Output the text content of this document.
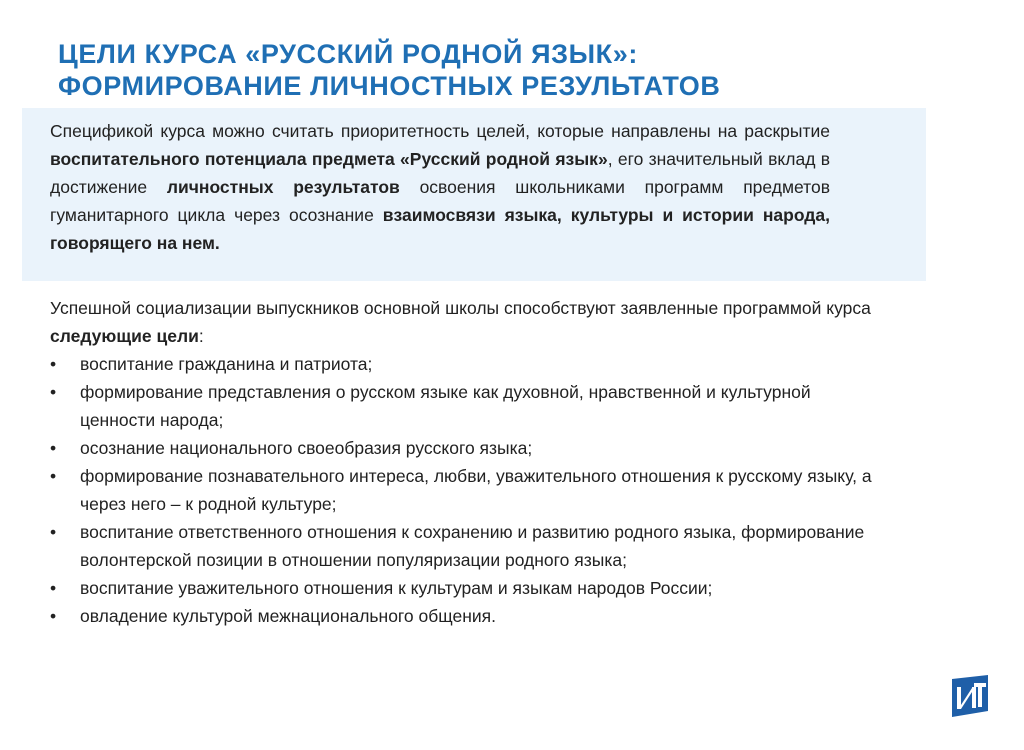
ЦЕЛИ КУРСА «РУССКИЙ РОДНОЙ ЯЗЫК»:
ФОРМИРОВАНИЕ ЛИЧНОСТНЫХ РЕЗУЛЬТАТОВ
Спецификой курса можно считать приоритетность целей, которые направлены на раскрытие воспитательного потенциала предмета «Русский родной язык», его значительный вклад в достижение личностных результатов освоения школьниками программ предметов гуманитарного цикла через осознание взаимосвязи языка, культуры и истории народа, говорящего на нем.
Успешной социализации выпускников основной школы способствуют заявленные программой курса следующие цели:
• воспитание гражданина и патриота;
• формирование представления о русском языке как духовной, нравственной и культурной ценности народа;
• осознание национального своеобразия русского языка;
• формирование познавательного интереса, любви, уважительного отношения к русскому языку, а через него – к родной культуре;
• воспитание ответственного отношения к сохранению и развитию родного языка, формирование волонтерской позиции в отношении популяризации родного языка;
• воспитание уважительного отношения к культурам и языкам народов России;
• овладение культурой межнационального общения.
